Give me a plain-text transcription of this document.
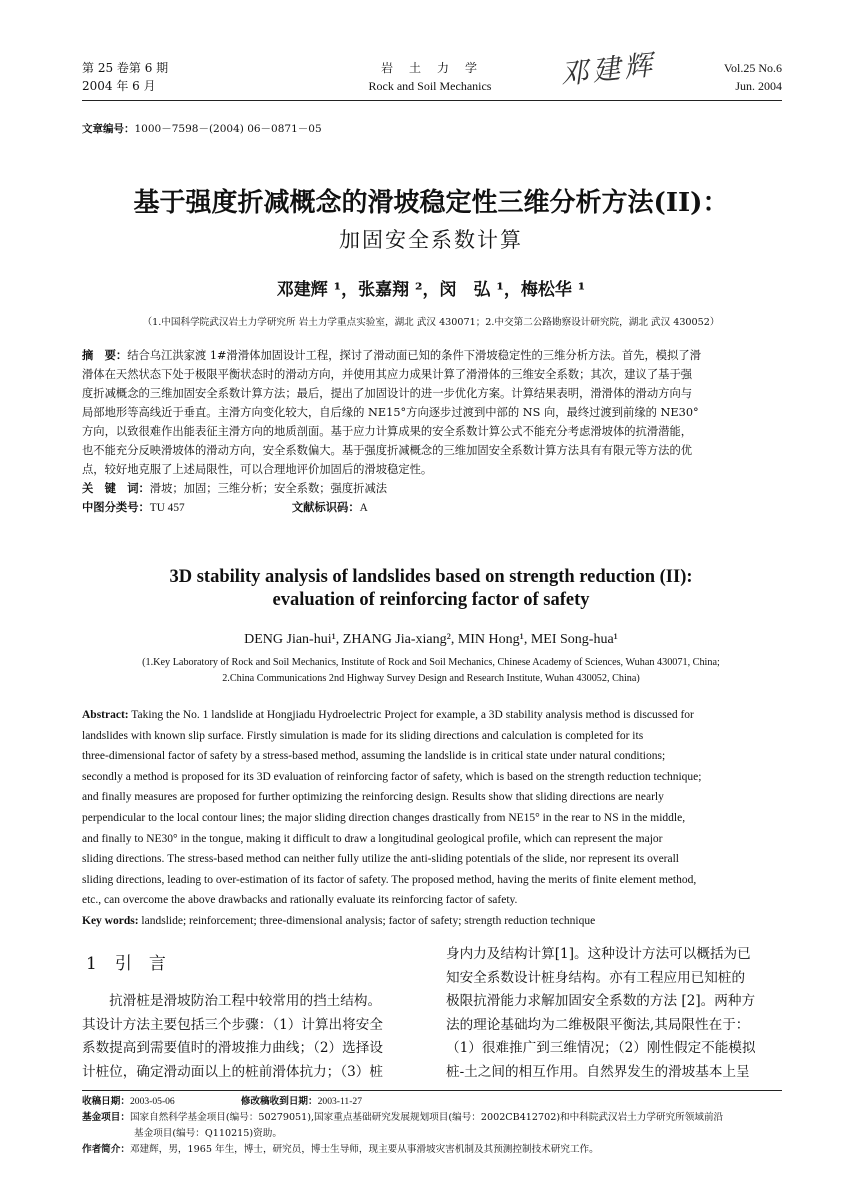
第 25 卷第 6 期
2004 年 6 月
岩　土　力　学
Rock and Soil Mechanics	邓建辉	Vol.25 No.6
Jun. 2004
文章编号：1000－7598－(2004) 06－0871－05
基于强度折减概念的滑坡稳定性三维分析方法(II)：
加固安全系数计算
邓建辉 ¹，张嘉翔 ²，闵　弘 ¹，梅松华 ¹
（1.中国科学院武汉岩土力学研究所 岩土力学重点实验室，湖北 武汉 430071；2.中交第二公路勘察设计研究院，湖北 武汉 430052）
摘　要：结合乌江洪家渡 1#滑滑体加固设计工程，探讨了滑动面已知的条件下滑坡稳定性的三维分析方法。首先，模拟了滑
滑体在天然状态下处于极限平衡状态时的滑动方向，并使用其应力成果计算了滑滑体的三维安全系数；其次，建议了基于强
度折减概念的三维加固安全系数计算方法；最后，提出了加固设计的进一步优化方案。计算结果表明，滑滑体的滑动方向与
局部地形等高线近于垂直。主滑方向变化较大，自后缘的 NE15°方向逐步过渡到中部的 NS 向，最终过渡到前缘的 NE30°
方向，以致很难作出能表征主滑方向的地质剖面。基于应力计算成果的安全系数计算公式不能充分考虑滑坡体的抗滑潜能，
也不能充分反映滑坡体的滑动方向，安全系数偏大。基于强度折减概念的三维加固安全系数计算方法具有有限元等方法的优
点，较好地克服了上述局限性，可以合理地评价加固后的滑坡稳定性。
关　键　词：滑坡；加固；三维分析；安全系数；强度折减法
中图分类号：TU 457	文献标识码：A
3D stability analysis of landslides based on strength reduction (II):
evaluation of reinforcing factor of safety
DENG Jian-hui¹, ZHANG Jia-xiang², MIN Hong¹, MEI Song-hua¹
(1.Key Laboratory of Rock and Soil Mechanics, Institute of Rock and Soil Mechanics, Chinese Academy of Sciences, Wuhan 430071, China;
2.China Communications 2nd Highway Survey Design and Research Institute, Wuhan 430052, China)
Abstract: Taking the No. 1 landslide at Hongjiadu Hydroelectric Project for example, a 3D stability analysis method is discussed for
landslides with known slip surface. Firstly simulation is made for its sliding directions and calculation is completed for its
three-dimensional factor of safety by a stress-based method, assuming the landslide is in critical state under natural conditions;
secondly a method is proposed for its 3D evaluation of reinforcing factor of safety, which is based on the strength reduction technique;
and finally measures are proposed for further optimizing the reinforcing design. Results show that sliding directions are nearly
perpendicular to the local contour lines; the major sliding direction changes drastically from NE15° in the rear to NS in the middle,
and finally to NE30° in the tongue, making it difficult to draw a longitudinal geological profile, which can represent the major
sliding directions. The stress-based method can neither fully utilize the anti-sliding potentials of the slide, nor represent its overall
sliding directions, leading to over-estimation of its factor of safety. The proposed method, having the merits of finite element method,
etc., can overcome the above drawbacks and rationally evaluate its reinforcing factor of safety.
Key words: landslide; reinforcement; three-dimensional analysis; factor of safety; strength reduction technique
1 引　言
　　抗滑桩是滑坡防治工程中较常用的挡土结构。
其设计方法主要包括三个步骤：（1）计算出将安全
系数提高到需要值时的滑坡推力曲线；（2）选择设
计桩位，确定滑动面以上的桩前滑体抗力；（3）桩
身内力及结构计算[1]。这种设计方法可以概括为已
知安全系数设计桩身结构。亦有工程应用已知桩的
极限抗滑能力求解加固安全系数的方法 [2]。两种方
法的理论基础均为二维极限平衡法,其局限性在于：
（1）很难推广到三维情况；（2）刚性假定不能模拟
桩-土之间的相互作用。自然界发生的滑坡基本上呈
收稿日期：2003-05-06	修改稿收到日期：2003-11-27
基金项目：国家自然科学基金项目(编号：50279051),国家重点基础研究发展规划项目(编号：2002CB412702)和中科院武汉岩土力学研究所领域前沿
基金项目(编号：Q110215)资助。
作者简介：邓建辉，男，1965 年生，博士，研究员，博士生导师，现主要从事滑坡灾害机制及其预测控制技术研究工作。
